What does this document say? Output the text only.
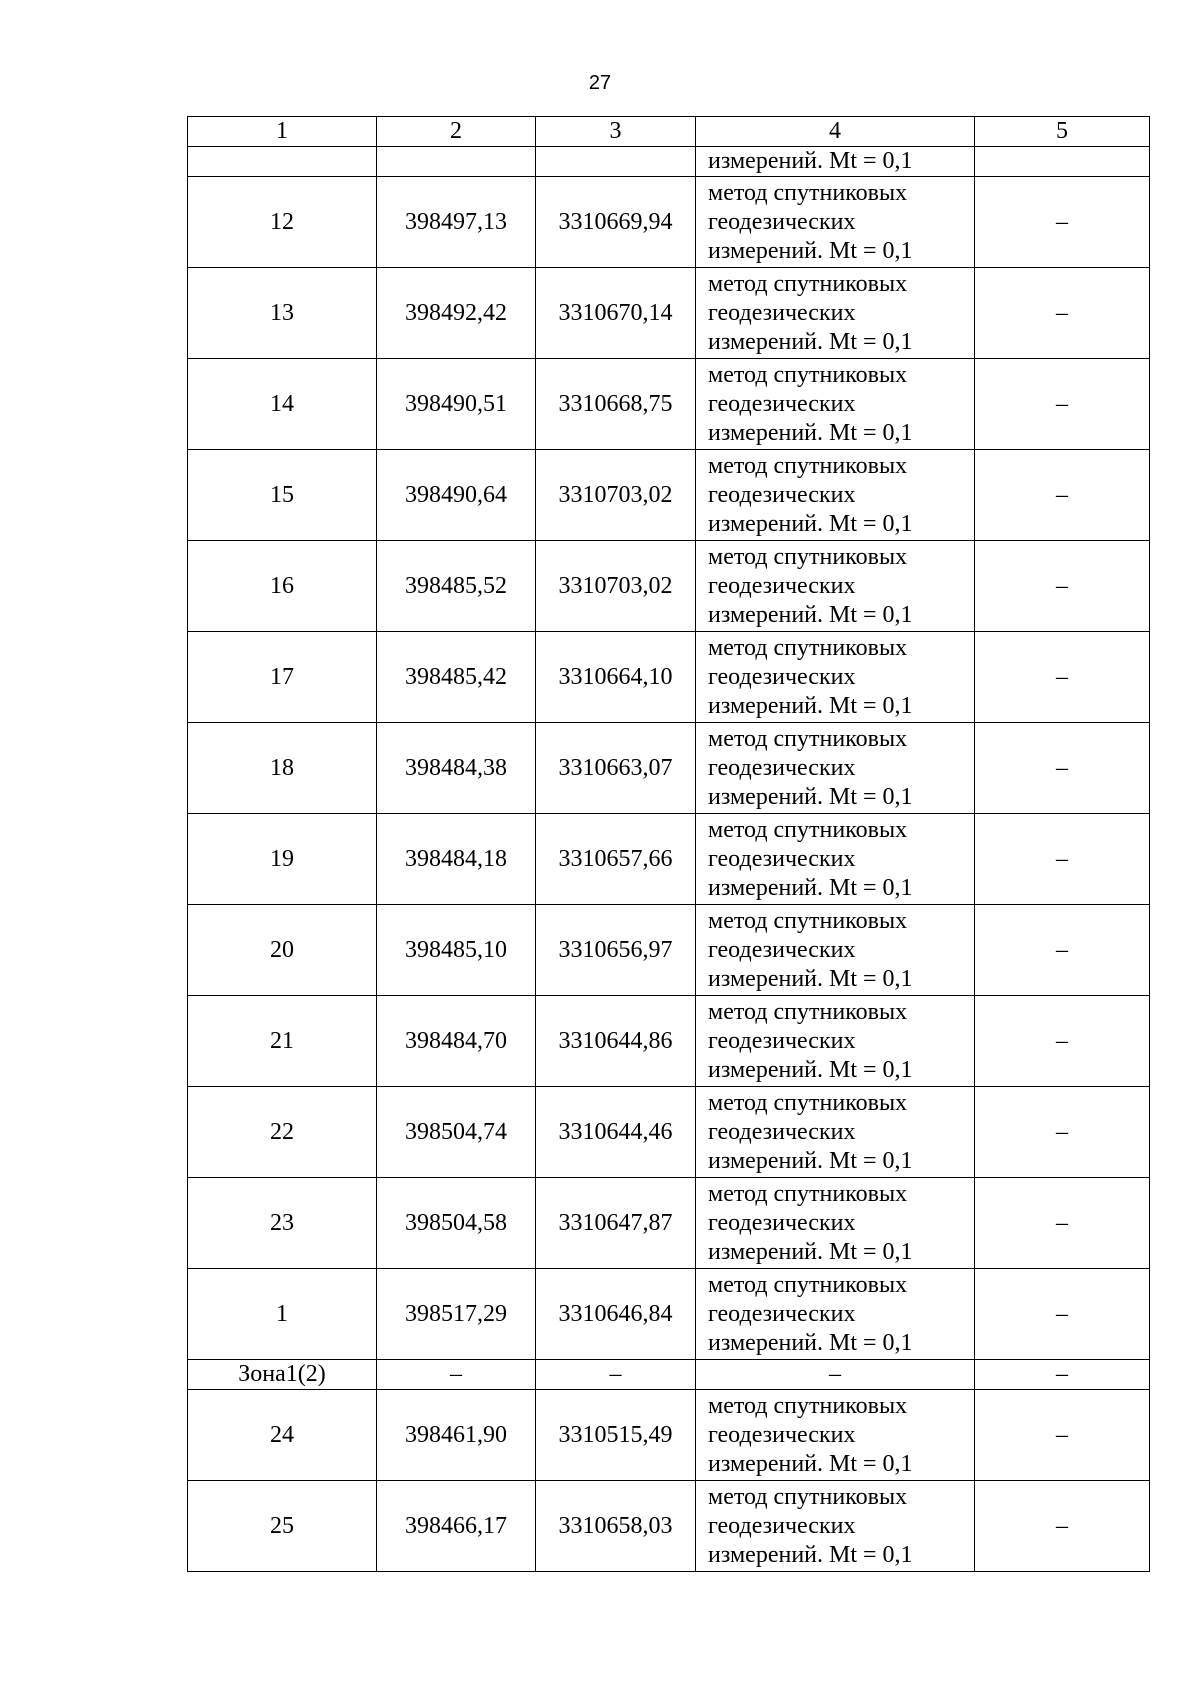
27
1	2	3	4	5
			измерений. Mt = 0,1	
12	398497,13	3310669,94	метод спутниковых
геодезических
измерений. Mt = 0,1	–
13	398492,42	3310670,14	метод спутниковых
геодезических
измерений. Mt = 0,1	–
14	398490,51	3310668,75	метод спутниковых
геодезических
измерений. Mt = 0,1	–
15	398490,64	3310703,02	метод спутниковых
геодезических
измерений. Mt = 0,1	–
16	398485,52	3310703,02	метод спутниковых
геодезических
измерений. Mt = 0,1	–
17	398485,42	3310664,10	метод спутниковых
геодезических
измерений. Mt = 0,1	–
18	398484,38	3310663,07	метод спутниковых
геодезических
измерений. Mt = 0,1	–
19	398484,18	3310657,66	метод спутниковых
геодезических
измерений. Mt = 0,1	–
20	398485,10	3310656,97	метод спутниковых
геодезических
измерений. Mt = 0,1	–
21	398484,70	3310644,86	метод спутниковых
геодезических
измерений. Mt = 0,1	–
22	398504,74	3310644,46	метод спутниковых
геодезических
измерений. Mt = 0,1	–
23	398504,58	3310647,87	метод спутниковых
геодезических
измерений. Mt = 0,1	–
1	398517,29	3310646,84	метод спутниковых
геодезических
измерений. Mt = 0,1	–
Зона1(2)	–	–	–	–
24	398461,90	3310515,49	метод спутниковых
геодезических
измерений. Mt = 0,1	–
25	398466,17	3310658,03	метод спутниковых
геодезических
измерений. Mt = 0,1	–
